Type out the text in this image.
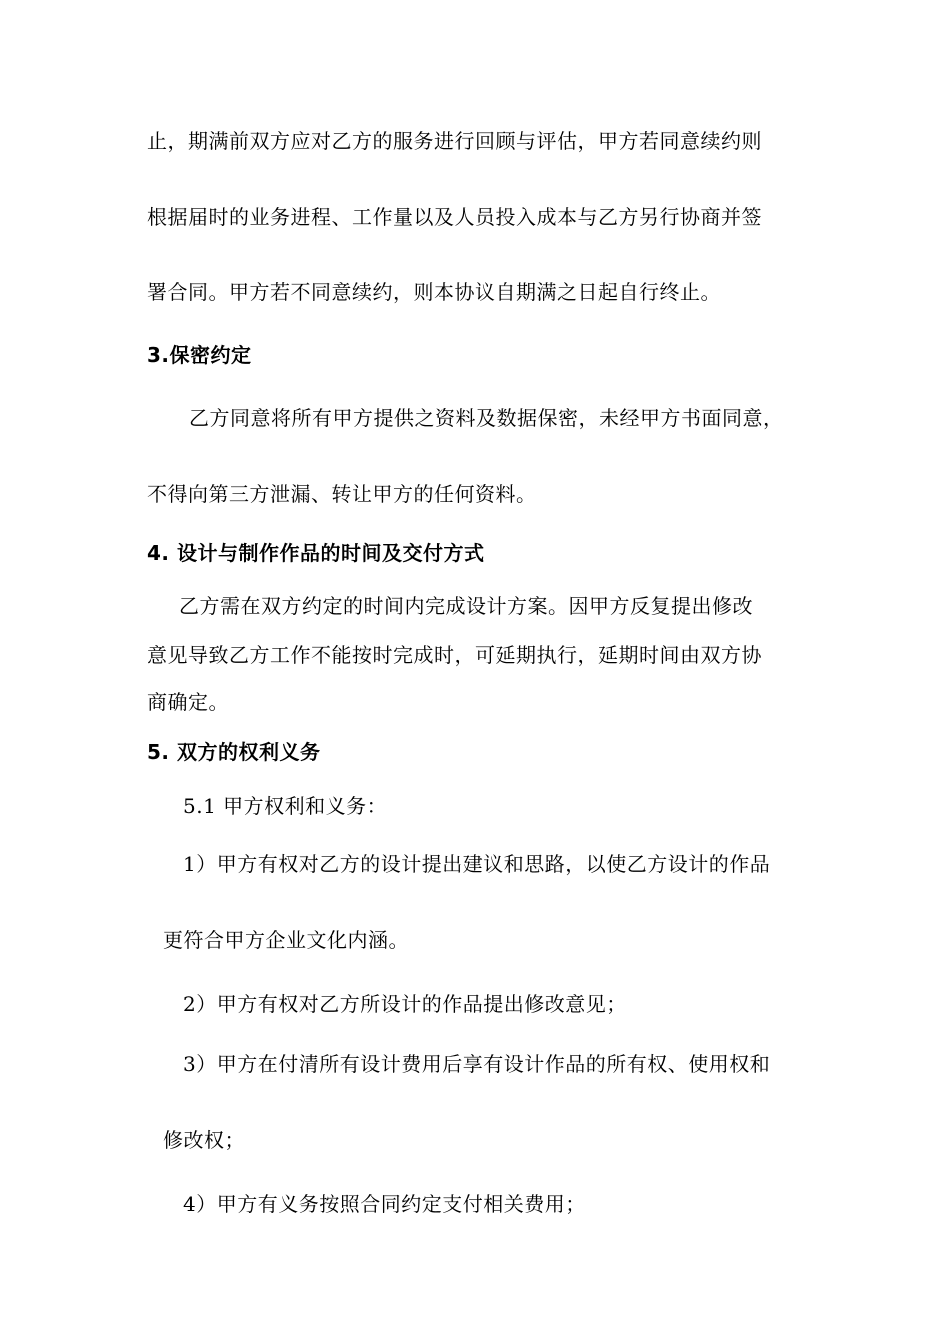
止，期满前双方应对乙方的服务进行回顾与评估，甲方若同意续约则
根据届时的业务进程、工作量以及人员投入成本与乙方另行协商并签
署合同。甲方若不同意续约，则本协议自期满之日起自行终止。
3.保密约定
乙方同意将所有甲方提供之资料及数据保密，未经甲方书面同意，
不得向第三方泄漏、转让甲方的任何资料。
4. 设计与制作作品的时间及交付方式
乙方需在双方约定的时间内完成设计方案。因甲方反复提出修改
意见导致乙方工作不能按时完成时，可延期执行，延期时间由双方协
商确定。
5. 双方的权利义务
5.1 甲方权利和义务：
1）甲方有权对乙方的设计提出建议和思路，以使乙方设计的作品
更符合甲方企业文化内涵。
2）甲方有权对乙方所设计的作品提出修改意见；
3）甲方在付清所有设计费用后享有设计作品的所有权、使用权和
修改权；
4）甲方有义务按照合同约定支付相关费用；
